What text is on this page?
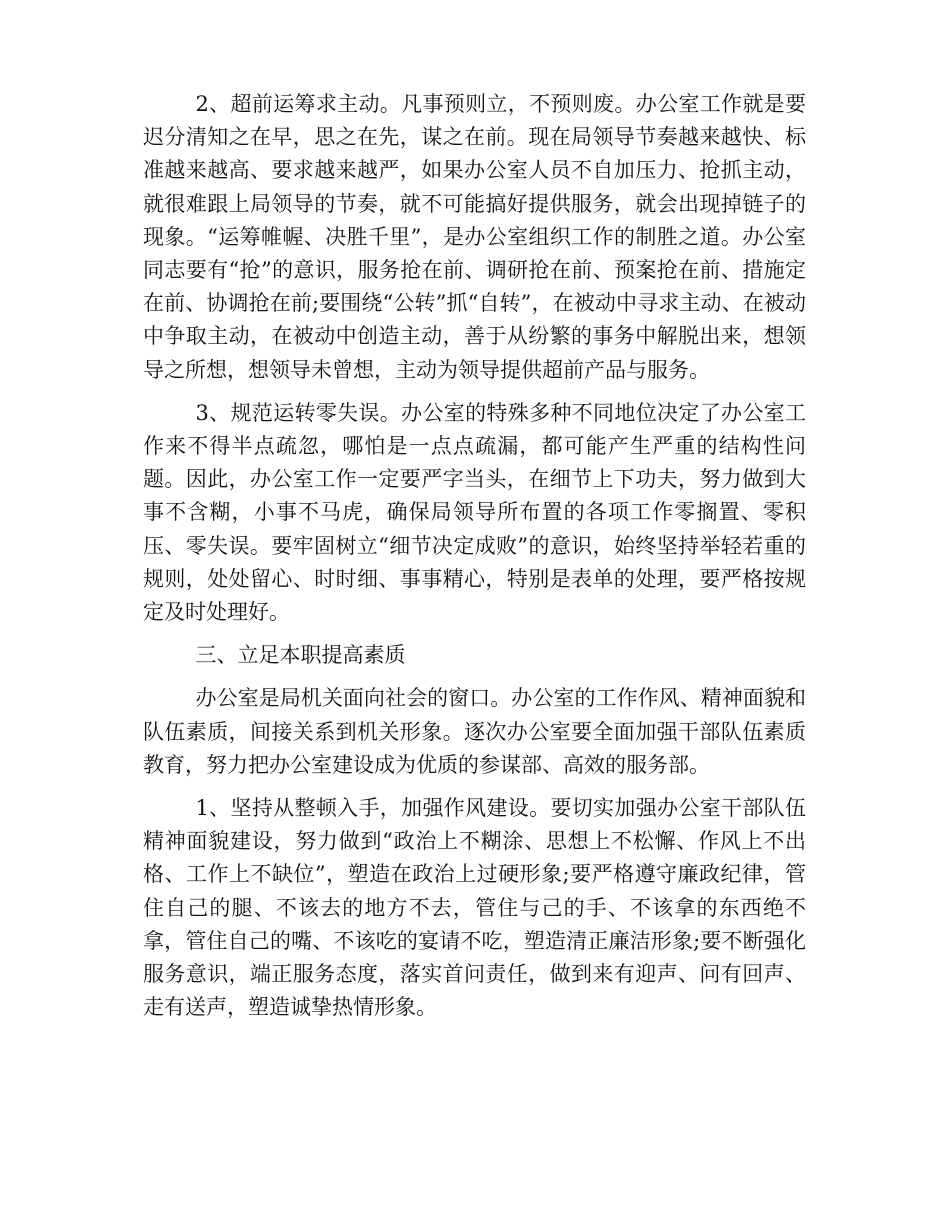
2、超前运筹求主动。凡事预则立，不预则废。办公室工作就是要迟分清知之在早，思之在先，谋之在前。现在局领导节奏越来越快、标准越来越高、要求越来越严，如果办公室人员不自加压力、抢抓主动，就很难跟上局领导的节奏，就不可能搞好提供服务，就会出现掉链子的现象。“运筹帷幄、决胜千里”，是办公室组织工作的制胜之道。办公室同志要有“抢”的意识，服务抢在前、调研抢在前、预案抢在前、措施定在前、协调抢在前;要围绕“公转”抓“自转”，在被动中寻求主动、在被动中争取主动，在被动中创造主动，善于从纷繁的事务中解脱出来，想领导之所想，想领导未曾想，主动为领导提供超前产品与服务。

3、规范运转零失误。办公室的特殊多种不同地位决定了办公室工作来不得半点疏忽，哪怕是一点点疏漏，都可能产生严重的结构性问题。因此，办公室工作一定要严字当头，在细节上下功夫，努力做到大事不含糊，小事不马虎，确保局领导所布置的各项工作零搁置、零积压、零失误。要牢固树立“细节决定成败”的意识，始终坚持举轻若重的规则，处处留心、时时细、事事精心，特别是表单的处理，要严格按规定及时处理好。

三、立足本职提高素质

办公室是局机关面向社会的窗口。办公室的工作作风、精神面貌和队伍素质，间接关系到机关形象。逐次办公室要全面加强干部队伍素质教育，努力把办公室建设成为优质的参谋部、高效的服务部。

1、坚持从整顿入手，加强作风建设。要切实加强办公室干部队伍精神面貌建设，努力做到“政治上不糊涂、思想上不松懈、作风上不出格、工作上不缺位”，塑造在政治上过硬形象;要严格遵守廉政纪律，管住自己的腿、不该去的地方不去，管住与己的手、不该拿的东西绝不拿，管住自己的嘴、不该吃的宴请不吃，塑造清正廉洁形象;要不断强化服务意识，端正服务态度，落实首问责任，做到来有迎声、问有回声、走有送声，塑造诚挚热情形象。
